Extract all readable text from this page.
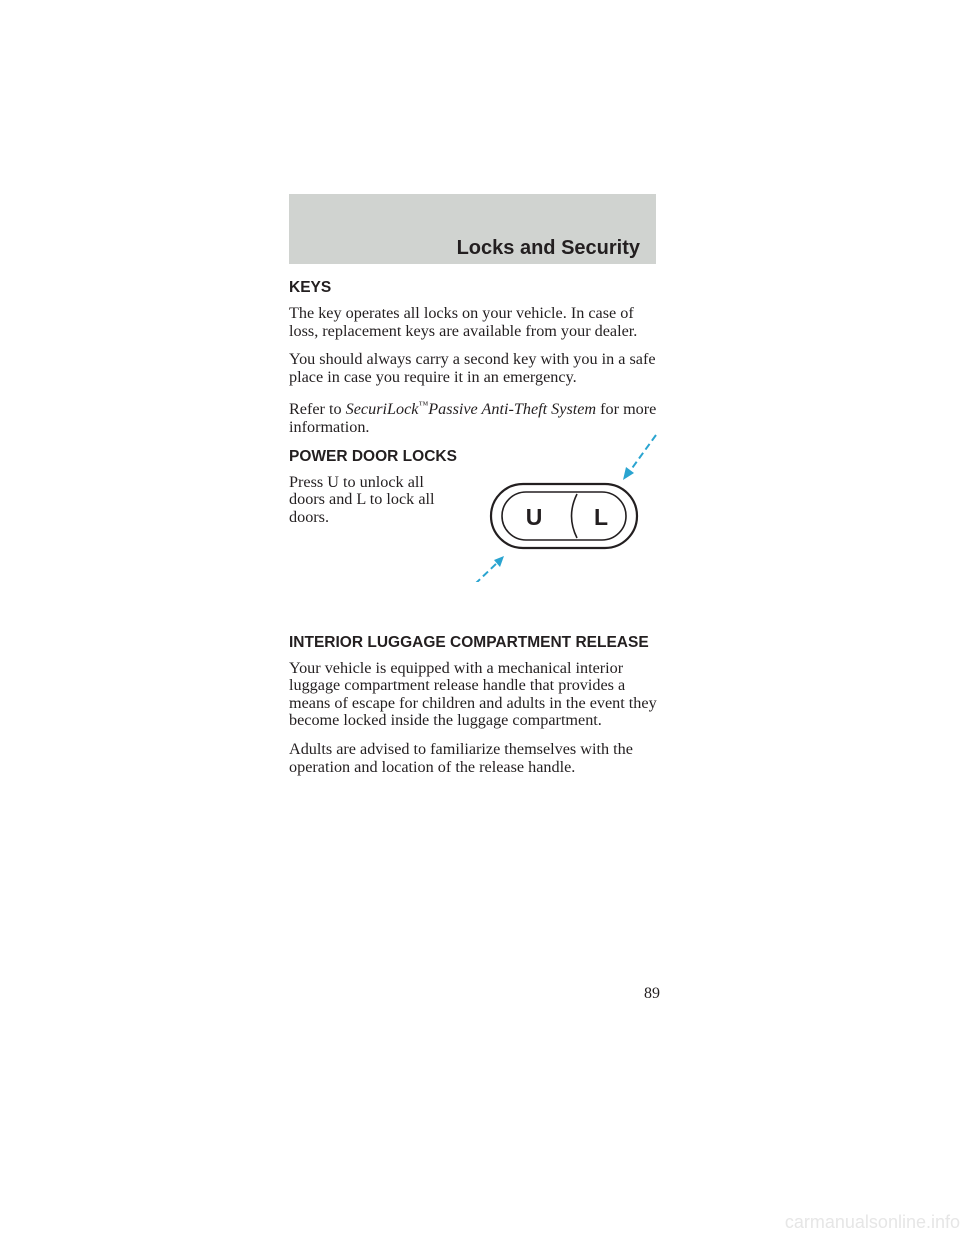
Locks and Security
KEYS

The key operates all locks on your vehicle. In case of loss, replacement keys are available from your dealer.

You should always carry a second key with you in a safe place in case you require it in an emergency.

Refer to SecuriLock™Passive Anti-Theft System for more information.

POWER DOOR LOCKS

Press U to unlock all doors and L to lock all doors.	U L
INTERIOR LUGGAGE COMPARTMENT RELEASE

Your vehicle is equipped with a mechanical interior luggage compartment release handle that provides a means of escape for children and adults in the event they become locked inside the luggage compartment.

Adults are advised to familiarize themselves with the operation and location of the release handle.

89
carmanualsonline.info
